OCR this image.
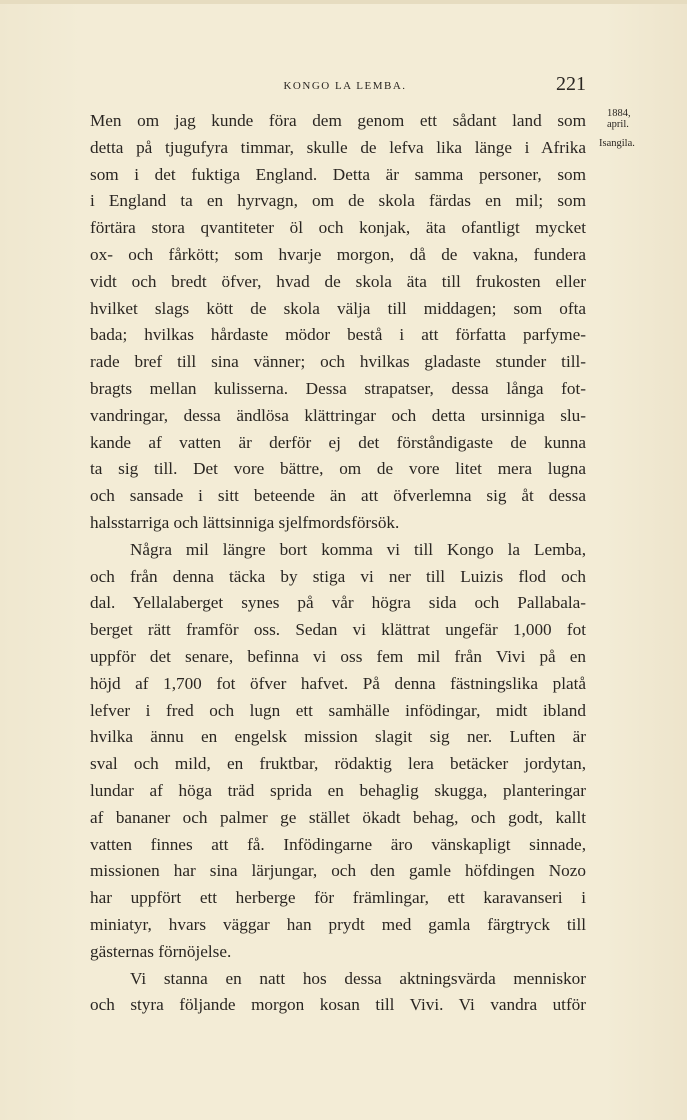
KONGO LA LEMBA.	221
1884,
april.
Isangila.
Men om jag kunde föra dem genom ett sådant land som
detta på tjugufyra timmar, skulle de lefva lika länge i Afrika
som i det fuktiga England. Detta är samma personer, som
i England ta en hyrvagn, om de skola färdas en mil; som
förtära stora qvantiteter öl och konjak, äta ofantligt mycket
ox- och fårkött; som hvarje morgon, då de vakna, fundera
vidt och bredt öfver, hvad de skola äta till frukosten eller
hvilket slags kött de skola välja till middagen; som ofta
bada; hvilkas hårdaste mödor bestå i att författa parfyme-
rade bref till sina vänner; och hvilkas gladaste stunder till-
bragts mellan kulisserna. Dessa strapatser, dessa långa fot-
vandringar, dessa ändlösa klättringar och detta ursinniga slu-
kande af vatten är derför ej det förståndigaste de kunna
ta sig till. Det vore bättre, om de vore litet mera lugna
och sansade i sitt beteende än att öfverlemna sig åt dessa
halsstarriga och lättsinniga sjelfmordsförsök.
Några mil längre bort komma vi till Kongo la Lemba,
och från denna täcka by stiga vi ner till Luizis flod och
dal. Yellalaberget synes på vår högra sida och Pallabala-
berget rätt framför oss. Sedan vi klättrat ungefär 1,000 fot
uppför det senare, befinna vi oss fem mil från Vivi på en
höjd af 1,700 fot öfver hafvet. På denna fästningslika platå
lefver i fred och lugn ett samhälle infödingar, midt ibland
hvilka ännu en engelsk mission slagit sig ner. Luften är
sval och mild, en fruktbar, rödaktig lera betäcker jordytan,
lundar af höga träd sprida en behaglig skugga, planteringar
af bananer och palmer ge stället ökadt behag, och godt, kallt
vatten finnes att få. Infödingarne äro vänskapligt sinnade,
missionen har sina lärjungar, och den gamle höfdingen Nozo
har uppfört ett herberge för främlingar, ett karavanseri i
miniatyr, hvars väggar han prydt med gamla färgtryck till
gästernas förnöjelse.
Vi stanna en natt hos dessa aktningsvärda menniskor
och styra följande morgon kosan till Vivi. Vi vandra utför
